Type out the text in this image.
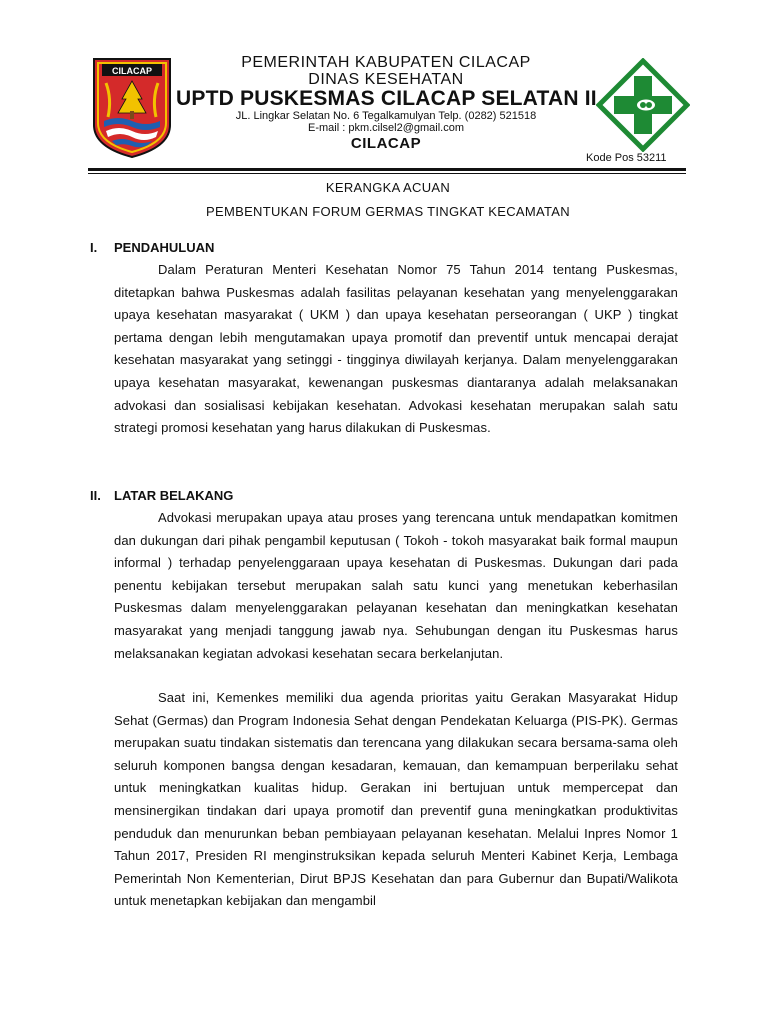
CILACAP	PEMERINTAH KABUPATEN CILACAP
DINAS KESEHATAN
UPTD PUSKESMAS CILACAP SELATAN II
JL. Lingkar Selatan No. 6 Tegalkamulyan Telp. (0282) 521518
E-mail : pkm.cilsel2@gmail.com
CILACAP
Kode Pos 53211
KERANGKA ACUAN
PEMBENTUKAN FORUM GERMAS TINGKAT KECAMATAN
I. PENDAHULUAN
Dalam Peraturan Menteri Kesehatan Nomor 75 Tahun 2014 tentang Puskesmas, ditetapkan bahwa Puskesmas adalah fasilitas pelayanan kesehatan yang menyelenggarakan upaya kesehatan masyarakat ( UKM ) dan upaya kesehatan perseorangan ( UKP ) tingkat pertama dengan lebih mengutamakan upaya promotif dan preventif untuk mencapai derajat kesehatan masyarakat yang setinggi - tingginya diwilayah kerjanya. Dalam menyelenggarakan upaya kesehatan masyarakat, kewenangan puskesmas diantaranya adalah melaksanakan advokasi dan sosialisasi kebijakan kesehatan. Advokasi kesehatan merupakan salah satu strategi promosi kesehatan yang harus dilakukan di Puskesmas.
II. LATAR BELAKANG
Advokasi merupakan upaya atau proses yang terencana untuk mendapatkan komitmen dan dukungan dari pihak pengambil keputusan ( Tokoh - tokoh masyarakat baik formal maupun informal ) terhadap penyelenggaraan upaya kesehatan di Puskesmas. Dukungan dari pada penentu kebijakan tersebut merupakan salah satu kunci yang menetukan keberhasilan Puskesmas dalam menyelenggarakan pelayanan kesehatan dan meningkatkan kesehatan masyarakat yang menjadi tanggung jawab nya. Sehubungan dengan itu Puskesmas harus melaksanakan kegiatan advokasi kesehatan secara berkelanjutan.
Saat ini, Kemenkes memiliki dua agenda prioritas yaitu Gerakan Masyarakat Hidup Sehat (Germas) dan Program Indonesia Sehat dengan Pendekatan Keluarga (PIS-PK). Germas merupakan suatu tindakan sistematis dan terencana yang dilakukan secara bersama-sama oleh seluruh komponen bangsa dengan kesadaran, kemauan, dan kemampuan berperilaku sehat untuk meningkatkan kualitas hidup. Gerakan ini bertujuan untuk mempercepat dan mensinergikan tindakan dari upaya promotif dan preventif guna meningkatkan produktivitas penduduk dan menurunkan beban pembiayaan pelayanan kesehatan. Melalui Inpres Nomor 1 Tahun 2017, Presiden RI menginstruksikan kepada seluruh Menteri Kabinet Kerja, Lembaga Pemerintah Non Kementerian, Dirut BPJS Kesehatan dan para Gubernur dan Bupati/Walikota untuk menetapkan kebijakan dan mengambil
